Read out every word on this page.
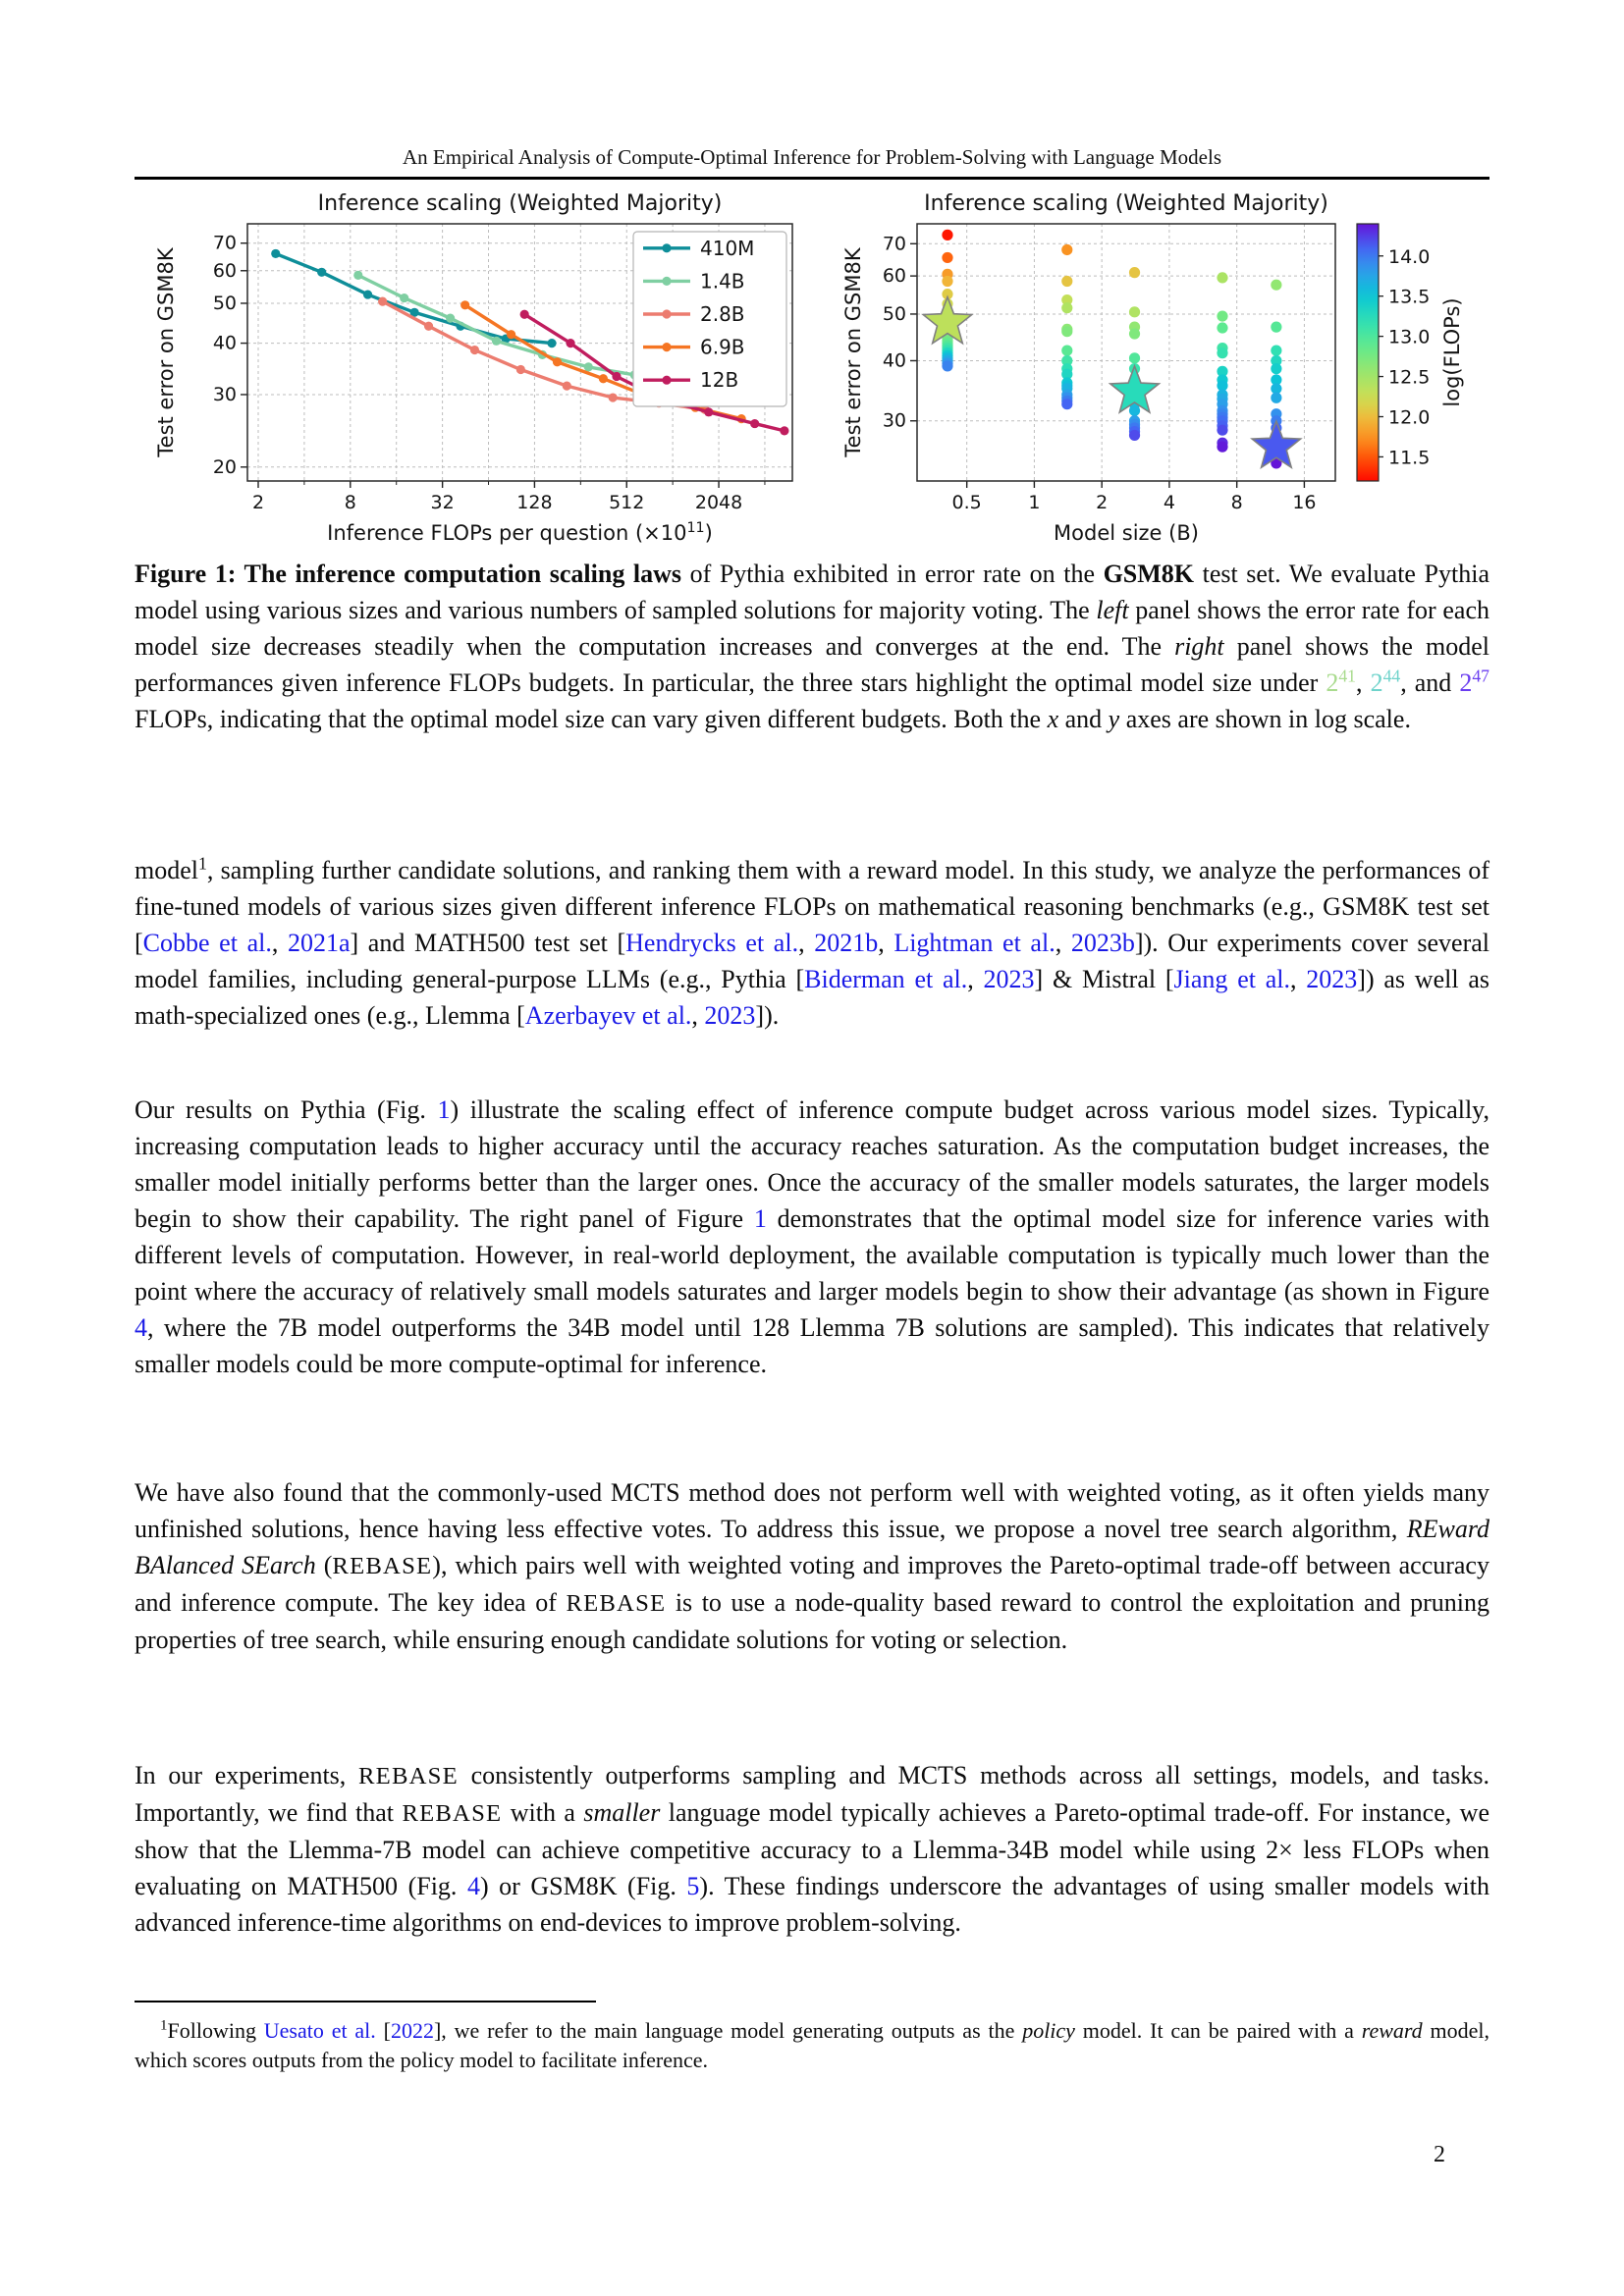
An Empirical Analysis of Compute-Optimal Inference for Problem-Solving with Language Models
2	8	32	128	512	2048
20
30
40
50
60
70
Inference scaling (Weighted Majority)
Inference FLOPs per question $(\times 10^{11})$
Test error on GSM8K	410M
1.4B
2.8B
6.9B
12B
0.5	1	2	4	8	16
30
40
50
60
70
Inference scaling (Weighted Majority)
Model size (B)
Test error on GSM8K
11.5
12.0
12.5
13.0
13.5
14.0
log(FLOPs)
Figure 1: The inference computation scaling laws of Pythia exhibited in error rate on the GSM8K test set. We evaluate Pythia model using various sizes and various numbers of sampled solutions for majority voting. The left panel shows the error rate for each model size decreases steadily when the computation increases and converges at the end. The right panel shows the model performances given inference FLOPs budgets. In particular, the three stars highlight the optimal model size under $2^{41}$, $2^{44}$, and $2^{47}$ FLOPs, indicating that the optimal model size can vary given different budgets. Both the x and y axes are shown in log scale.
model$^1$, sampling further candidate solutions, and ranking them with a reward model. In this study, we analyze the performances of fine-tuned models of various sizes given different inference FLOPs on mathematical reasoning benchmarks (e.g., GSM8K test set [Cobbe et al., 2021a] and MATH500 test set [Hendrycks et al., 2021b, Lightman et al., 2023b]). Our experiments cover several model families, including general-purpose LLMs (e.g., Pythia [Biderman et al., 2023] & Mistral [Jiang et al., 2023]) as well as math-specialized ones (e.g., Llemma [Azerbayev et al., 2023]).
Our results on Pythia (Fig. 1) illustrate the scaling effect of inference compute budget across various model sizes. Typically, increasing computation leads to higher accuracy until the accuracy reaches saturation. As the computation budget increases, the smaller model initially performs better than the larger ones. Once the accuracy of the smaller models saturates, the larger models begin to show their capability. The right panel of Figure 1 demonstrates that the optimal model size for inference varies with different levels of computation. However, in real-world deployment, the available computation is typically much lower than the point where the accuracy of relatively small models saturates and larger models begin to show their advantage (as shown in Figure 4, where the 7B model outperforms the 34B model until 128 Llemma 7B solutions are sampled). This indicates that relatively smaller models could be more compute-optimal for inference.
We have also found that the commonly-used MCTS method does not perform well with weighted voting, as it often yields many unfinished solutions, hence having less effective votes. To address this issue, we propose a novel tree search algorithm, REward BAlanced SEarch (REBASE), which pairs well with weighted voting and improves the Pareto-optimal trade-off between accuracy and inference compute. The key idea of REBASE is to use a node-quality based reward to control the exploitation and pruning properties of tree search, while ensuring enough candidate solutions for voting or selection.
In our experiments, REBASE consistently outperforms sampling and MCTS methods across all settings, models, and tasks. Importantly, we find that REBASE with a smaller language model typically achieves a Pareto-optimal trade-off. For instance, we show that the Llemma-7B model can achieve competitive accuracy to a Llemma-34B model while using 2× less FLOPs when evaluating on MATH500 (Fig. 4) or GSM8K (Fig. 5). These findings underscore the advantages of using smaller models with advanced inference-time algorithms on end-devices to improve problem-solving.
$^1$Following Uesato et al. [2022], we refer to the main language model generating outputs as the policy model. It can be paired with a reward model, which scores outputs from the policy model to facilitate inference.
2
